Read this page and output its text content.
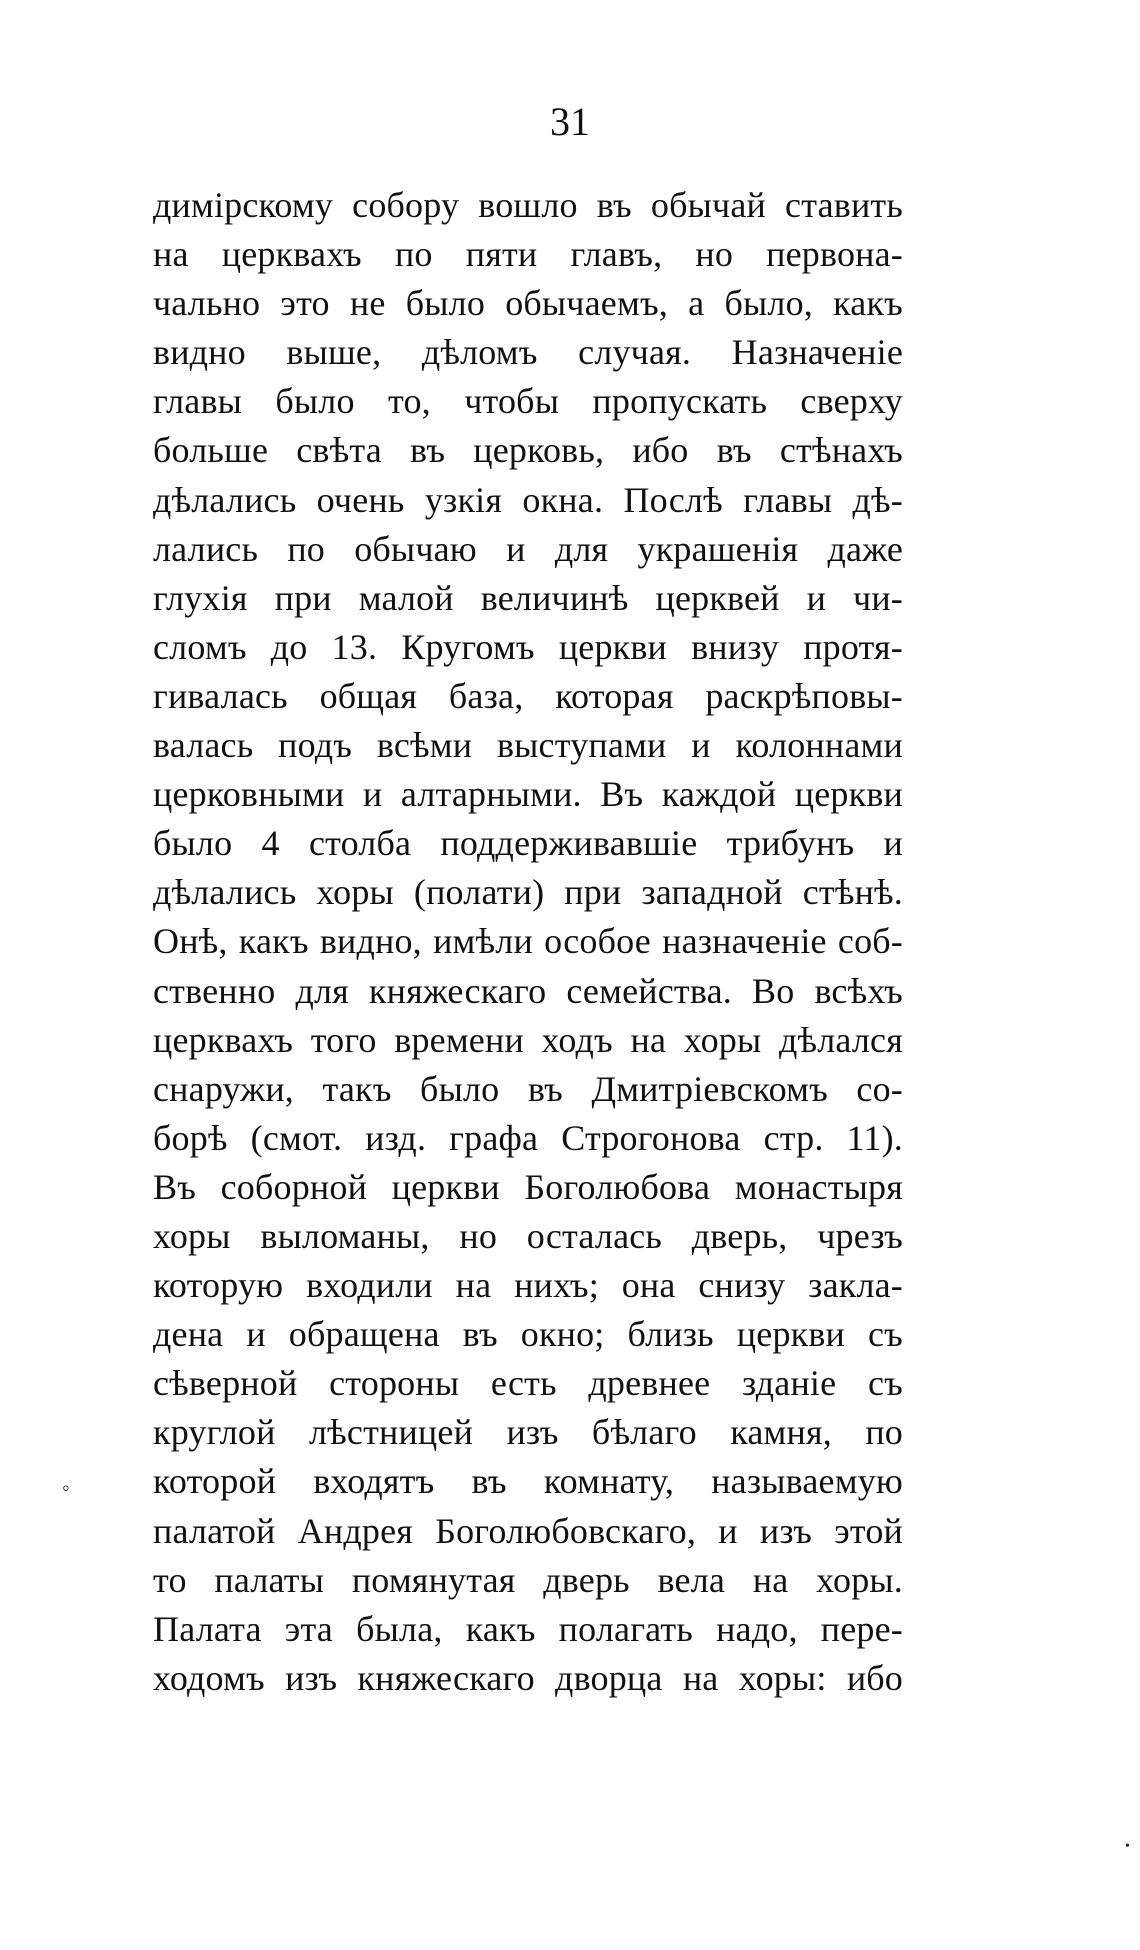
31
димірскому собору вошло въ обычай ставить
на церквахъ по пяти главъ, но первона-
чально это не было обычаемъ, а было, какъ
видно выше, дѣломъ случая. Назначеніе
главы было то, чтобы пропускать сверху
больше свѣта въ церковь, ибо въ стѣнахъ
дѣлались очень узкія окна. Послѣ главы дѣ-
лались по обычаю и для украшенія даже
глухія при малой величинѣ церквей и чи-
сломъ до 13. Кругомъ церкви внизу протя-
гивалась общая база, которая раскрѣповы-
валась подъ всѣми выступами и колоннами
церковными и алтарными. Въ каждой церкви
было 4 столба поддерживавшіе трибунъ и
дѣлались хоры (полати) при западной стѣнѣ.
Онѣ, какъ видно, имѣли особое назначеніе соб-
ственно для княжескаго семейства. Во всѣхъ
церквахъ того времени ходъ на хоры дѣлался
снаружи, такъ было въ Дмитріевскомъ со-
борѣ (смот. изд. графа Строгонова стр. 11).
Въ соборной церкви Боголюбова монастыря
хоры выломаны, но осталась дверь, чрезъ
которую входили на нихъ; она снизу закла-
дена и обращена въ окно; близь церкви съ
сѣверной стороны есть древнее зданіе съ
круглой лѣстницей изъ бѣлаго камня, по
которой входятъ въ комнату, называемую
палатой Андрея Боголюбовскаго, и изъ этой
то палаты помянутая дверь вела на хоры.
Палата эта была, какъ полагать надо, пере-
ходомъ изъ княжескаго дворца на хоры: ибо
◦
•
